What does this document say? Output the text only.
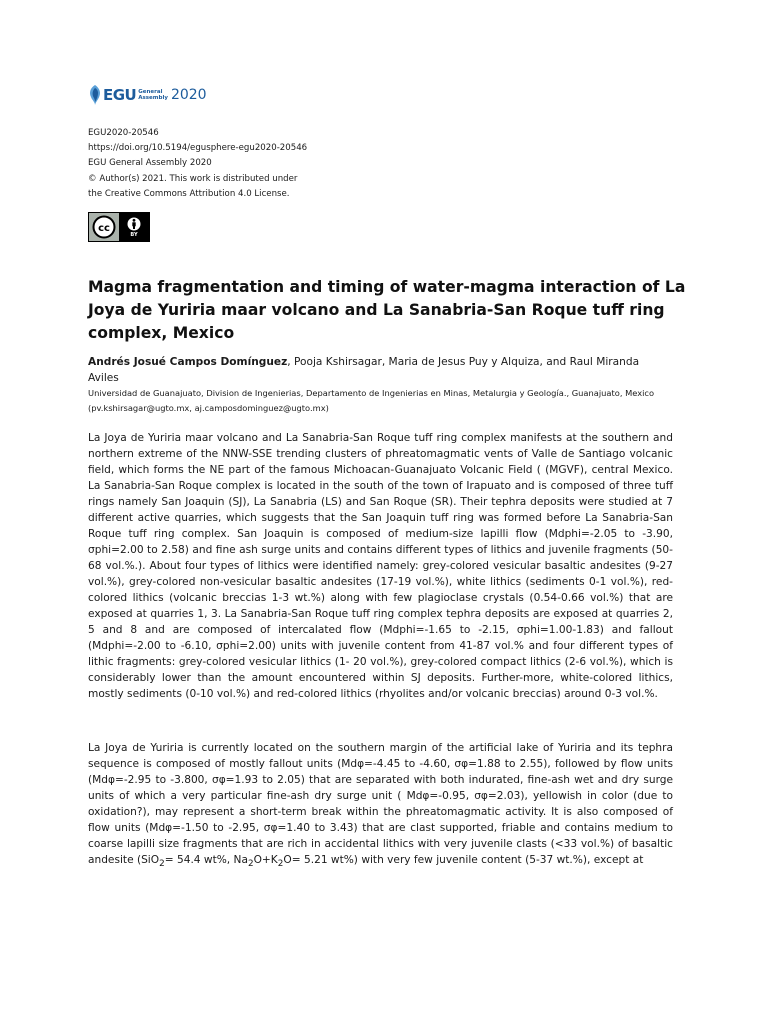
EGU General
Assembly 2020
EGU2020-20546
https://doi.org/10.5194/egusphere-egu2020-20546
EGU General Assembly 2020
© Author(s) 2021. This work is distributed under
the Creative Commons Attribution 4.0 License.
cc
BY
Magma fragmentation and timing of water-magma interaction of La Joya de Yuriria maar volcano and La Sanabria-San Roque tuff ring complex, Mexico
Andrés Josué Campos Domínguez, Pooja Kshirsagar, Maria de Jesus Puy y Alquiza, and Raul Miranda Aviles
Universidad de Guanajuato, Division de Ingenierias, Departamento de Ingenierias en Minas, Metalurgia y Geología., Guanajuato, Mexico (pv.kshirsagar@ugto.mx, aj.camposdominguez@ugto.mx)

La Joya de Yuriria maar volcano and La Sanabria-San Roque tuff ring complex manifests at the southern and northern extreme of the NNW-SSE trending clusters of phreatomagmatic vents of Valle de Santiago volcanic field, which forms the NE part of the famous Michoacan-Guanajuato Volcanic Field ( (MGVF), central Mexico. La Sanabria-San Roque complex is located in the south of the town of Irapuato and is composed of three tuff rings namely San Joaquin (SJ), La Sanabria (LS) and San Roque (SR). Their tephra deposits were studied at 7 different active quarries, which suggests that the San Joaquin tuff ring was formed before La Sanabria-San Roque tuff ring complex. San Joaquin is composed of medium-size lapilli flow (Mdphi=-2.05 to -3.90, σphi=2.00 to 2.58) and fine ash surge units and contains different types of lithics and juvenile fragments (50-68 vol.%.). About four types of lithics were identified namely: grey-colored vesicular basaltic andesites (9-27 vol.%), grey-colored non-vesicular basaltic andesites (17-19 vol.%), white lithics (sediments 0-1 vol.%), red-colored lithics (volcanic breccias 1-3 wt.%) along with few plagioclase crystals (0.54-0.66 vol.%) that are exposed at quarries 1, 3. La Sanabria-San Roque tuff ring complex tephra deposits are exposed at quarries 2, 5 and 8 and are composed of intercalated flow (Mdphi=-1.65 to -2.15, σphi=1.00-1.83) and fallout (Mdphi=-2.00 to -6.10, σphi=2.00) units with juvenile content from 41-87 vol.% and four different types of lithic fragments: grey-colored vesicular lithics (1- 20 vol.%), grey-colored compact lithics (2-6 vol.%), which is considerably lower than the amount encountered within SJ deposits. Further-more, white-colored lithics, mostly sediments (0-10 vol.%) and red-colored lithics (rhyolites and/or volcanic breccias) around 0-3 vol.%.

La Joya de Yuriria is currently located on the southern margin of the artificial lake of Yuriria and its tephra sequence is composed of mostly fallout units (Mdφ=-4.45 to -4.60, σφ=1.88 to 2.55), followed by flow units (Mdφ=-2.95 to -3.800, σφ=1.93 to 2.05) that are separated with both indurated, fine-ash wet and dry surge units of which a very particular fine-ash dry surge unit ( Mdφ=-0.95, σφ=2.03), yellowish in color (due to oxidation?), may represent a short-term break within the phreatomagmatic activity. It is also composed of flow units (Mdφ=-1.50 to -2.95, σφ=1.40 to 3.43) that are clast supported, friable and contains medium to coarse lapilli size fragments that are rich in accidental lithics with very juvenile clasts (<33 vol.%) of basaltic andesite (SiO$_2$= 54.4 wt%, $Na_2O+K_2O= 5.21$ wt%) with very few juvenile content (5-37 wt.%), except at
